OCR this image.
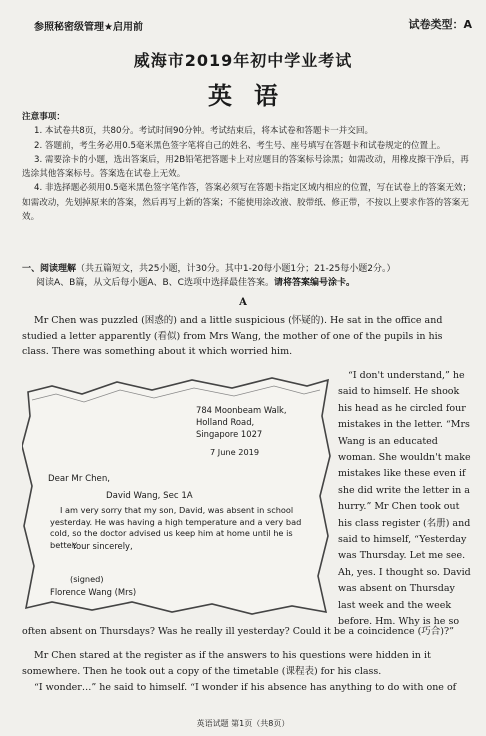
参照秘密级管理★启用前	试卷类型：A
威海市2019年初中学业考试
英语
注意事项：

1. 本试卷共8页，共80分。考试时间90分钟。考试结束后，将本试卷和答题卡一并交回。

2. 答题前，考生务必用0.5毫米黑色签字笔将自己的姓名、考生号、座号填写在答题卡和试卷规定的位置上。

3. 需要涂卡的小题，选出答案后，用2B铅笔把答题卡上对应题目的答案标号涂黑；如需改动，用橡皮擦干净后，再选涂其他答案标号。答案选在试卷上无效。

4. 非选择题必须用0.5毫米黑色签字笔作答，答案必须写在答题卡指定区域内相应的位置，写在试卷上的答案无效；如需改动，先划掉原来的答案，然后再写上新的答案；不能使用涂改液、胶带纸、修正带，不按以上要求作答的答案无效。

一、阅读理解（共五篇短文，共25小题，计30分。其中1-20每小题1分；21-25每小题2分。）

阅读A、B篇，从文后每小题A、B、C选项中选择最佳答案。请将答案编号涂卡。

A
Mr Chen was puzzled (困惑的) and a little suspicious (怀疑的). He sat in the office and studied a letter apparently (看似) from Mrs Wang, the mother of one of the pupils in his class. There was something about it which worried him.
784 Moonbeam Walk,
Holland Road,
Singapore 1027
7 June 2019
Dear Mr Chen,
David Wang, Sec 1A
I am very sorry that my son, David, was absent in school yesterday. He was having a high temperature and a very bad cold, so the doctor advised us keep him at home until he is better.
Your sincerely,
(signed)
Florence Wang (Mrs)

“I don't understand,” he said to himself. He shook his head as he circled four mistakes in the letter. “Mrs Wang is an educated woman. She wouldn't make mistakes like these even if she did write the letter in a hurry.” Mr Chen took out his class register (名册) and said to himself, “Yesterday was Thursday. Let me see. Ah, yes. I thought so. David was absent on Thursday last week and the week before. Hm. Why is he so

often absent on Thursdays? Was he really ill yesterday? Could it be a coincidence (巧合)?”
Mr Chen stared at the register as if the answers to his questions were hidden in it somewhere. Then he took out a copy of the timetable (课程表) for his class.
“I wonder…” he said to himself. “I wonder if his absence has anything to do with one of
英语试题 第1页（共8页）
